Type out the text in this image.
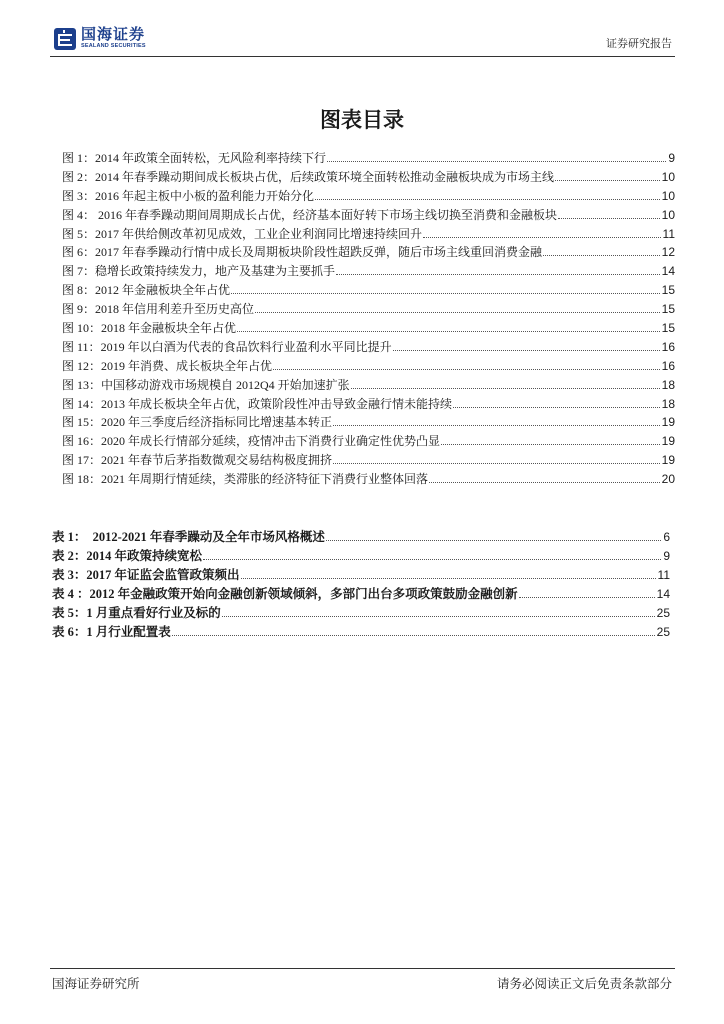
国海证券
SEALAND SECURITIES	证券研究报告
图表目录
图 1： 2014 年政策全面转松，无风险利率持续下行	9
图 2： 2014 年春季躁动期间成长板块占优，后续政策环境全面转松推动金融板块成为市场主线	10
图 3： 2016 年起主板中小板的盈利能力开始分化	10
图 4： 2016 年春季躁动期间周期成长占优，经济基本面好转下市场主线切换至消费和金融板块	10
图 5： 2017 年供给侧改革初见成效，工业企业利润同比增速持续回升	11
图 6： 2017 年春季躁动行情中成长及周期板块阶段性超跌反弹，随后市场主线重回消费金融	12
图 7： 稳增长政策持续发力，地产及基建为主要抓手	14
图 8： 2012 年金融板块全年占优	15
图 9： 2018 年信用利差升至历史高位	15
图 10： 2018 年金融板块全年占优	15
图 11： 2019 年以白酒为代表的食品饮料行业盈利水平同比提升	16
图 12： 2019 年消费、成长板块全年占优	16
图 13： 中国移动游戏市场规模自 2012Q4 开始加速扩张	18
图 14： 2013 年成长板块全年占优，政策阶段性冲击导致金融行情未能持续	18
图 15： 2020 年三季度后经济指标同比增速基本转正	19
图 16： 2020 年成长行情部分延续，疫情冲击下消费行业确定性优势凸显	19
图 17： 2021 年春节后茅指数微观交易结构极度拥挤	19
图 18： 2021 年周期行情延续，类滞胀的经济特征下消费行业整体回落	20
表 1： 2012-2021 年春季躁动及全年市场风格概述	6
表 2： 2014 年政策持续宽松	9
表 3： 2017 年证监会监管政策频出	11
表 4 ： 2012 年金融政策开始向金融创新领域倾斜，多部门出台多项政策鼓励金融创新	14
表 5： 1 月重点看好行业及标的	25
表 6： 1 月行业配置表	25
国海证券研究所	请务必阅读正文后免责条款部分
